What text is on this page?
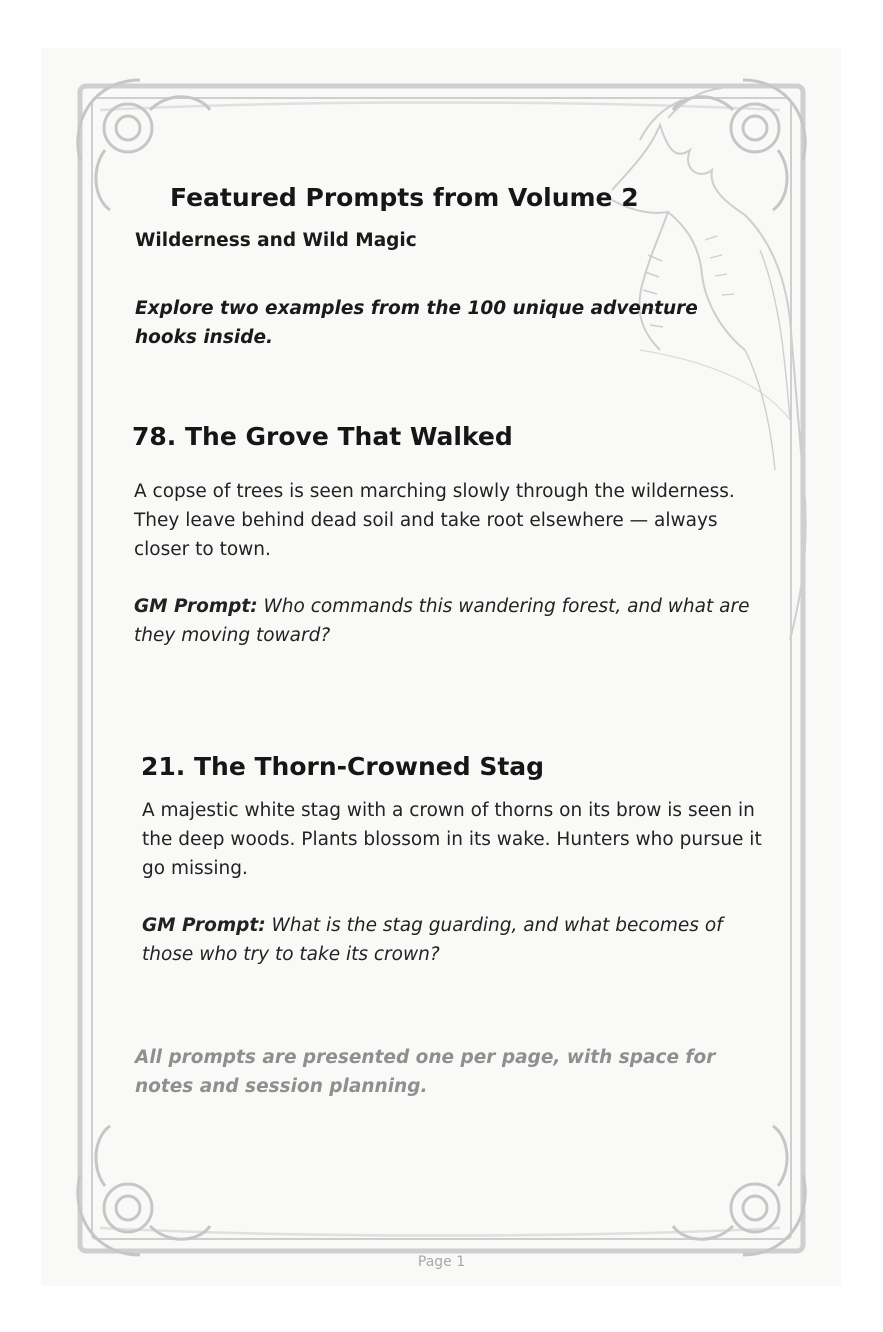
Featured Prompts from Volume 2
Wilderness and Wild Magic

Explore two examples from the 100 unique adventure hooks inside.

78. The Grove That Walked

A copse of trees is seen marching slowly through the wilderness. They leave behind dead soil and take root elsewhere — always closer to town.

GM Prompt: Who commands this wandering forest, and what are they moving toward?

21. The Thorn-Crowned Stag

A majestic white stag with a crown of thorns on its brow is seen in the deep woods. Plants blossom in its wake. Hunters who pursue it go missing.

GM Prompt: What is the stag guarding, and what becomes of those who try to take its crown?

All prompts are presented one per page, with space for notes and session planning.

Page 1
